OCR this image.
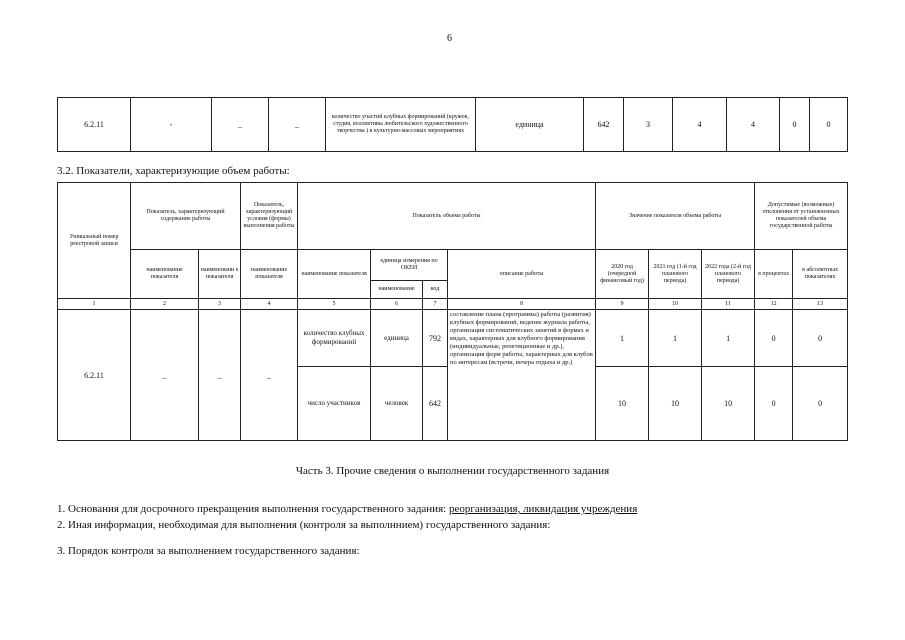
6
6.2.11	-	_	_	количество участий клубных формирований (кружок, студия, коллективы любительского художественного творчества ) в культурно-массовых мероприятиях	единица	642	3	4	4	0	0
3.2. Показатели, характеризующие объем работы:
Уникальный номер реестровой записи	Показатель, характеризующий содержание работы		Показатель, характеризующий условия (формы) выполнения работы	Показатель объема работы				Значение показателя объема работы			Допустимые (возможные) отклонения от установленных показателей объема государственной работы	
	наименование показателя	наименовани е показателя	наименование показателя	наименование показателя	единица измерения по ОКЕИ		описание работы	2020 год (очередной финансовый год)	2021 год (1-й год планового периода)	2022 года (2-й год планового периода)	в процентах	в абсолютных показателях
					наименование	код						
1	2	3	4	5	6	7	8	9	10	11	12	13
6.2.11	_	_	_	количество клубных формирований	единица	792	составление плана (программы) работы (развития) клубных формирований, ведение журнала работы, организация систематических занятий в формах и видах, характерных для клубного формирования (индивидуальные, репетиционные и др.), организация форм работы, характерных для клубов по интересам (встречи, вечера отдыха и др.)	1	1	1	0	0
				число участников	человек	642		10	10	10	0	0
Часть 3. Прочие сведения о выполнении государственного задания
1. Основания для досрочного прекращения выполнения государственного задания: реорганизация, ликвидация учреждения
2. Иная информация, необходимая для выполнения (контроля за выполннием) государственного задания:
3. Порядок контроля за выполнением государственного задания:
